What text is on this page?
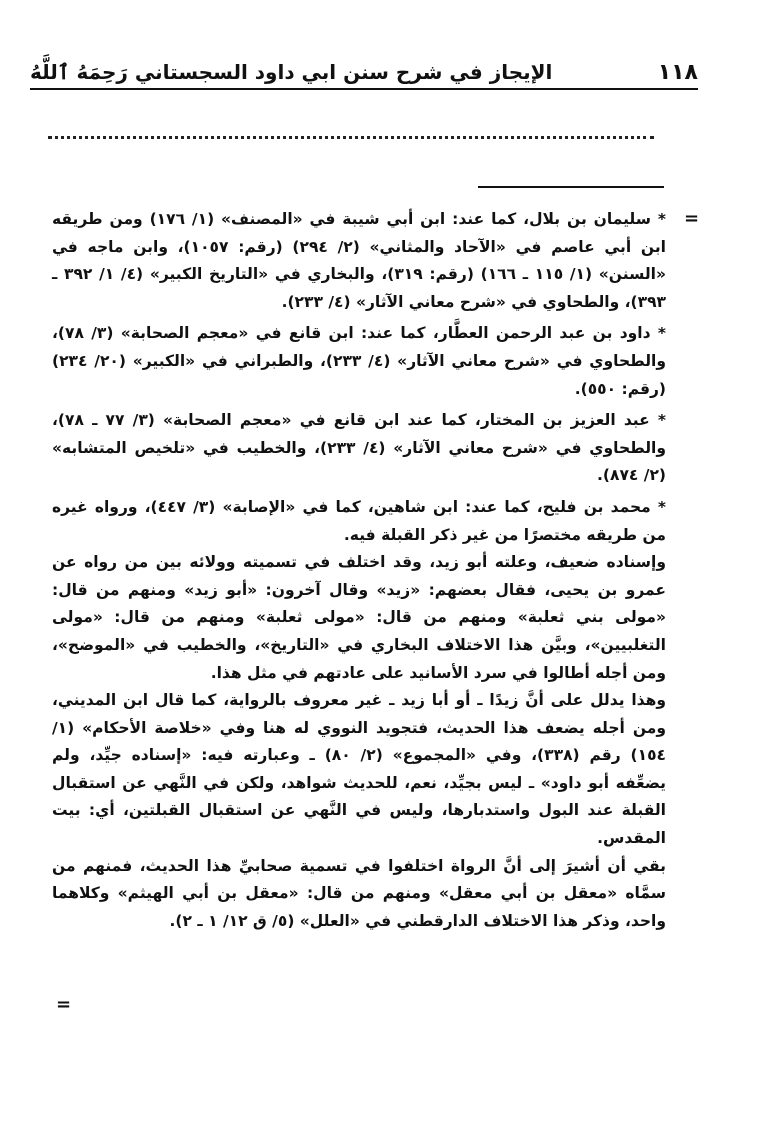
١١٨
الإيجاز في شرح سنن ابي داود السجستاني رَحِمَهُ ٱللَّهُ
=

* سليمان بن بلال، كما عند: ابن أبي شيبة في «المصنف» (١/ ١٧٦) ومن طريقه ابن أبي عاصم في «الآحاد والمثاني» (٢/ ٢٩٤) (رقم: ١٠٥٧)، وابن ماجه في «السنن» (١/ ١١٥ ـ ١٦٦) (رقم: ٣١٩)، والبخاري في «التاريخ الكبير» (٤/ ١/ ٣٩٢ ـ ٣٩٣)، والطحاوي في «شرح معاني الآثار» (٤/ ٢٣٣).

* داود بن عبد الرحمن العطَّار، كما عند: ابن قانع في «معجم الصحابة» (٣/ ٧٨)، والطحاوي في «شرح معاني الآثار» (٤/ ٢٣٣)، والطبراني في «الكبير» (٢٠/ ٢٣٤) (رقم: ٥٥٠).

* عبد العزيز بن المختار، كما عند ابن قانع في «معجم الصحابة» (٣/ ٧٧ ـ ٧٨)، والطحاوي في «شرح معاني الآثار» (٤/ ٢٣٣)، والخطيب في «تلخيص المتشابه» (٢/ ٨٧٤).

* محمد بن فليح، كما عند: ابن شاهين، كما في «الإصابة» (٣/ ٤٤٧)، ورواه غيره من طريقه مختصرًا من غير ذكر القبلة فيه.

وإسناده ضعيف، وعلته أبو زيد، وقد اختلف في تسميته وولائه بين من رواه عن عمرو بن يحيى، فقال بعضهم: «زيد» وقال آخرون: «أبو زيد» ومنهم من قال: «مولى بني ثعلبة» ومنهم من قال: «مولى ثعلبة» ومنهم من قال: «مولى التغلبيين»، وبيَّن هذا الاختلاف البخاري في «التاريخ»، والخطيب في «الموضح»، ومن أجله أطالوا في سرد الأسانيد على عادتهم في مثل هذا.

وهذا يدلل على أنَّ زيدًا ـ أو أبا زيد ـ غير معروف بالرواية، كما قال ابن المديني، ومن أجله يضعف هذا الحديث، فتجويد النووي له هنا وفي «خلاصة الأحكام» (١/ ١٥٤) رقم (٣٣٨)، وفي «المجموع» (٢/ ٨٠) ـ وعبارته فيه: «إسناده جيِّد، ولم يضعِّفه أبو داود» ـ ليس بجيِّد، نعم، للحديث شواهد، ولكن في النَّهي عن استقبال القبلة عند البول واستدبارها، وليس في النَّهي عن استقبال القبلتين، أي: بيت المقدس.

بقي أن أشيرَ إلى أنَّ الرواة اختلفوا في تسمية صحابيِّ هذا الحديث، فمنهم من سمَّاه «معقل بن أبي معقل» ومنهم من قال: «معقل بن أبي الهيثم» وكلاهما واحد، وذكر هذا الاختلاف الدارقطني في «العلل» (٥/ ق ١٢/ ١ ـ ٢).

=
